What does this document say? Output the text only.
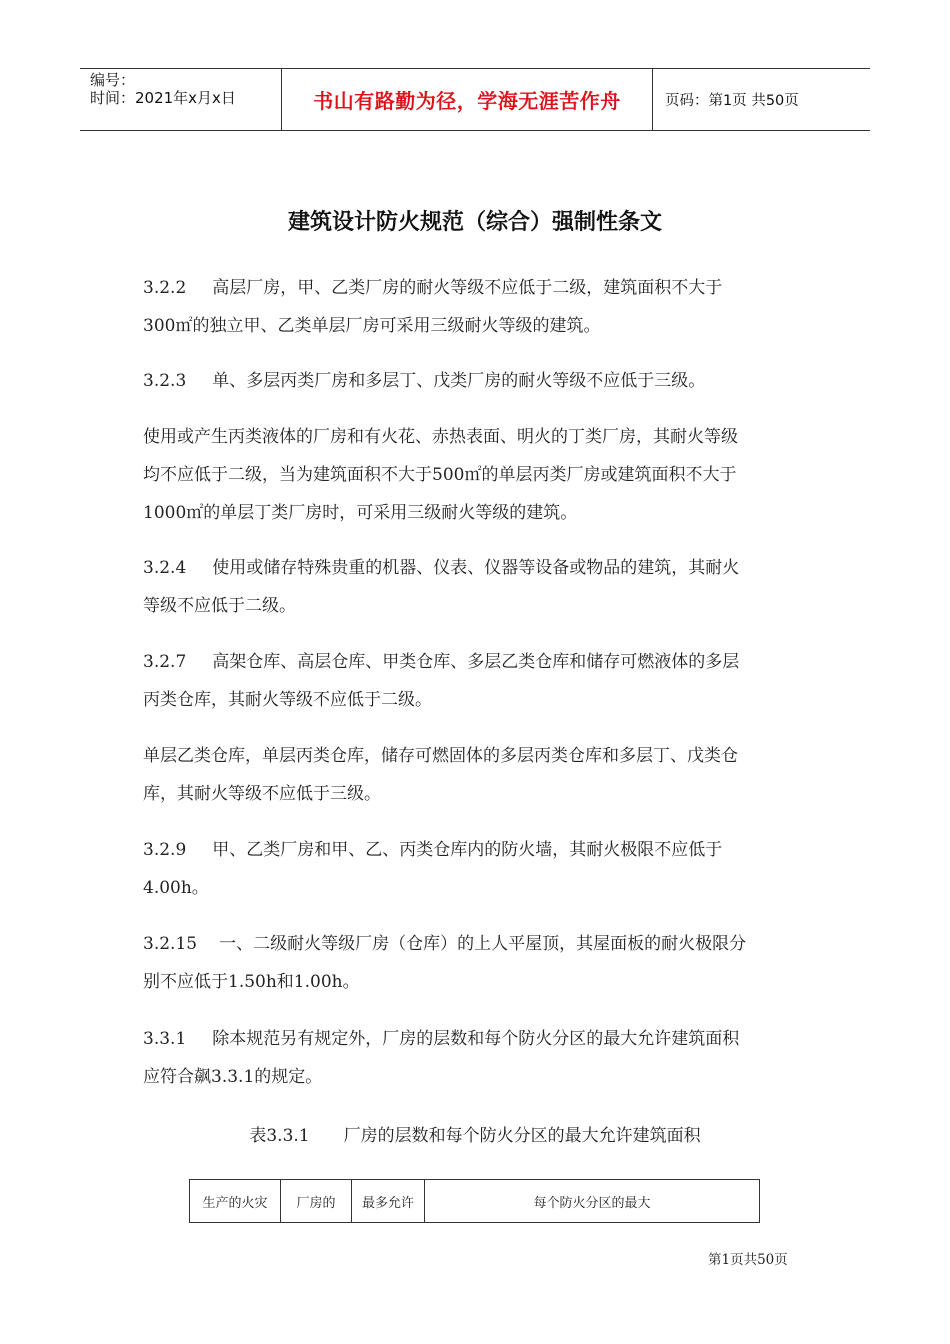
编号：
时间：2021年x月x日	书山有路勤为径，学海无涯苦作舟	页码：第1页 共50页
建筑设计防火规范（综合）强制性条文
3.2.2 高层厂房，甲、乙类厂房的耐火等级不应低于二级，建筑面积不大于
300㎡的独立甲、乙类单层厂房可采用三级耐火等级的建筑。
3.2.3 单、多层丙类厂房和多层丁、戊类厂房的耐火等级不应低于三级。
使用或产生丙类液体的厂房和有火花、赤热表面、明火的丁类厂房，其耐火等级
均不应低于二级，当为建筑面积不大于500㎡的单层丙类厂房或建筑面积不大于
1000㎡的单层丁类厂房时，可采用三级耐火等级的建筑。
3.2.4 使用或储存特殊贵重的机器、仪表、仪器等设备或物品的建筑，其耐火
等级不应低于二级。
3.2.7 高架仓库、高层仓库、甲类仓库、多层乙类仓库和储存可燃液体的多层
丙类仓库，其耐火等级不应低于二级。
单层乙类仓库，单层丙类仓库，储存可燃固体的多层丙类仓库和多层丁、戊类仓
库，其耐火等级不应低于三级。
3.2.9 甲、乙类厂房和甲、乙、丙类仓库内的防火墙，其耐火极限不应低于
4.00h。
3.2.15 一、二级耐火等级厂房（仓库）的上人平屋顶，其屋面板的耐火极限分
别不应低于1.50h和1.00h。
3.3.1 除本规范另有规定外，厂房的层数和每个防火分区的最大允许建筑面积
应符合飙3.3.1的规定。
表3.3.1　　厂房的层数和每个防火分区的最大允许建筑面积
生产的火灾	厂房的	最多允许	每个防火分区的最大
第1页共50页
